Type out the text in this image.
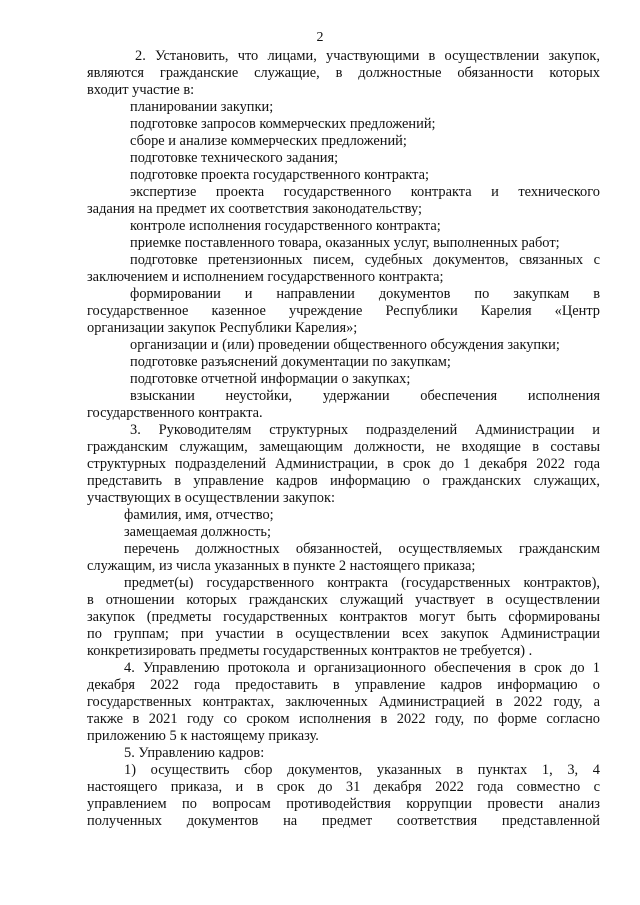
2
2. Установить, что лицами, участвующими в осуществлении закупок,
являются гражданские служащие, в должностные обязанности которых
входит участие в:
планировании закупки;
подготовке запросов коммерческих предложений;
сборе и анализе коммерческих предложений;
подготовке технического задания;
подготовке проекта государственного контракта;
экспертизе проекта государственного контракта и технического
задания на предмет их соответствия законодательству;
контроле исполнения государственного контракта;
приемке поставленного товара, оказанных услуг, выполненных работ;
подготовке претензионных писем, судебных документов, связанных с
заключением и исполнением государственного контракта;
формировании и направлении документов по закупкам в
государственное казенное учреждение Республики Карелия «Центр
организации закупок Республики Карелия»;
организации и (или) проведении общественного обсуждения закупки;
подготовке разъяснений документации по закупкам;
подготовке отчетной информации о закупках;
взыскании неустойки, удержании обеспечения исполнения
государственного контракта.
3. Руководителям структурных подразделений Администрации и
гражданским служащим, замещающим должности, не входящие в составы
структурных подразделений Администрации, в срок до 1 декабря 2022 года
представить в управление кадров информацию о гражданских служащих,
участвующих в осуществлении закупок:
фамилия, имя, отчество;
замещаемая должность;
перечень должностных обязанностей, осуществляемых гражданским
служащим, из числа указанных в пункте 2 настоящего приказа;
предмет(ы) государственного контракта (государственных контрактов),
в отношении которых гражданских служащий участвует в осуществлении
закупок (предметы государственных контрактов могут быть сформированы
по группам; при участии в осуществлении всех закупок Администрации
конкретизировать предметы государственных контрактов не требуется) .
4. Управлению протокола и организационного обеспечения в срок до 1
декабря 2022 года предоставить в управление кадров информацию о
государственных контрактах, заключенных Администрацией в 2022 году, а
также в 2021 году со сроком исполнения в 2022 году, по форме согласно
приложению 5 к настоящему приказу.
5. Управлению кадров:
1) осуществить сбор документов, указанных в пунктах 1, 3, 4
настоящего приказа, и в срок до 31 декабря 2022 года совместно с
управлением по вопросам противодействия коррупции провести анализ
полученных документов на предмет соответствия представленной
